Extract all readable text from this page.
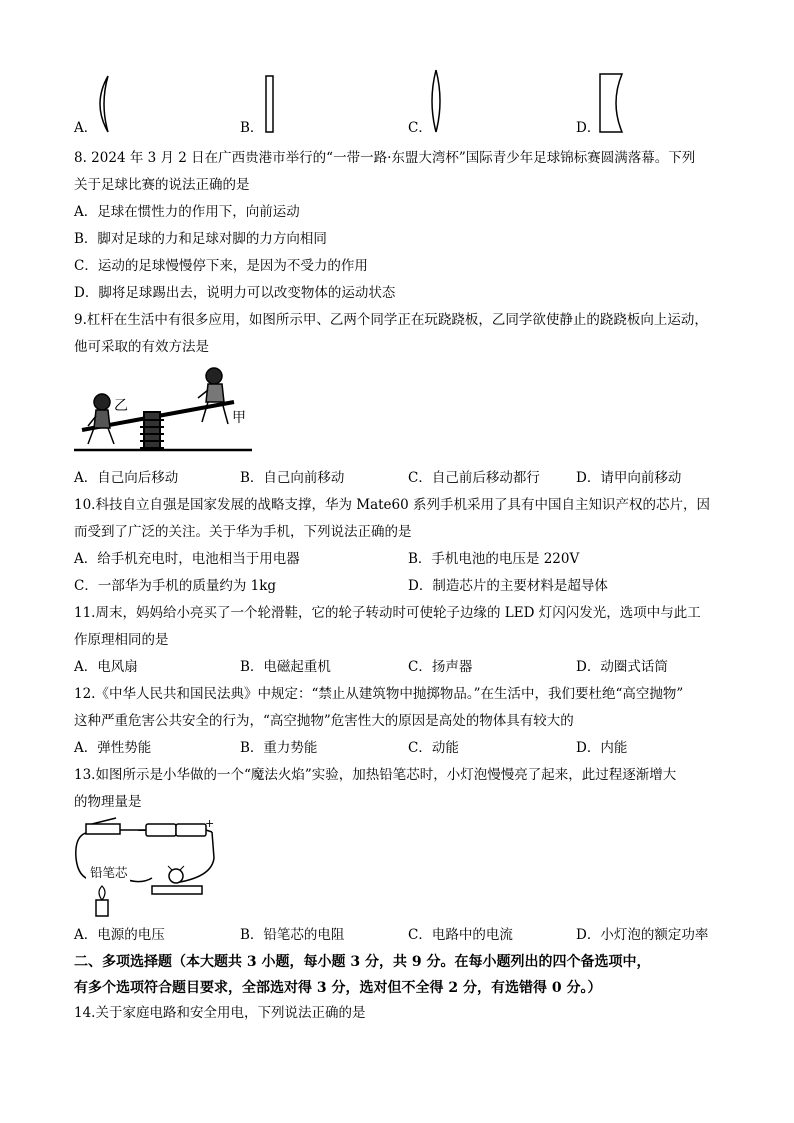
A．	B．	C．	D．
8. 2024 年 3 月 2 日在广西贵港市举行的“一带一路·东盟大湾杯”国际青少年足球锦标赛圆满落幕。下列
关于足球比赛的说法正确的是
A．足球在惯性力的作用下，向前运动
B．脚对足球的力和足球对脚的力方向相同
C．运动的足球慢慢停下来，是因为不受力的作用
D．脚将足球踢出去，说明力可以改变物体的运动状态
9.杠杆在生活中有很多应用，如图所示甲、乙两个同学正在玩跷跷板，乙同学欲使静止的跷跷板向上运动，
他可采取的有效方法是
乙
甲
A．自己向后移动	B．自己向前移动	C．自己前后移动都行	D．请甲向前移动
10.科技自立自强是国家发展的战略支撑，华为 Mate60 系列手机采用了具有中国自主知识产权的芯片，因
而受到了广泛的关注。关于华为手机，下列说法正确的是
A．给手机充电时，电池相当于用电器	B．手机电池的电压是 220V
C．一部华为手机的质量约为 1kg	D．制造芯片的主要材料是超导体
11.周末，妈妈给小亮买了一个轮滑鞋，它的轮子转动时可使轮子边缘的 LED 灯闪闪发光，选项中与此工
作原理相同的是
A．电风扇	B．电磁起重机	C．扬声器	D．动圈式话筒
12.《中华人民共和国民法典》中规定：“禁止从建筑物中抛掷物品。”在生活中，我们要杜绝“高空抛物”
这种严重危害公共安全的行为，“高空抛物”危害性大的原因是高处的物体具有较大的
A．弹性势能	B．重力势能	C．动能	D．内能
13.如图所示是小华做的一个“魔法火焰”实验，加热铅笔芯时，小灯泡慢慢亮了起来，此过程逐渐增大
的物理量是
铅笔芯
−
+
A．电源的电压	B．铅笔芯的电阻	C．电路中的电流	D．小灯泡的额定功率
二、多项选择题（本大题共 3 小题，每小题 3 分，共 9 分。在每小题列出的四个备选项中，
有多个选项符合题目要求，全部选对得 3 分，选对但不全得 2 分，有选错得 0 分。）
14.关于家庭电路和安全用电，下列说法正确的是
